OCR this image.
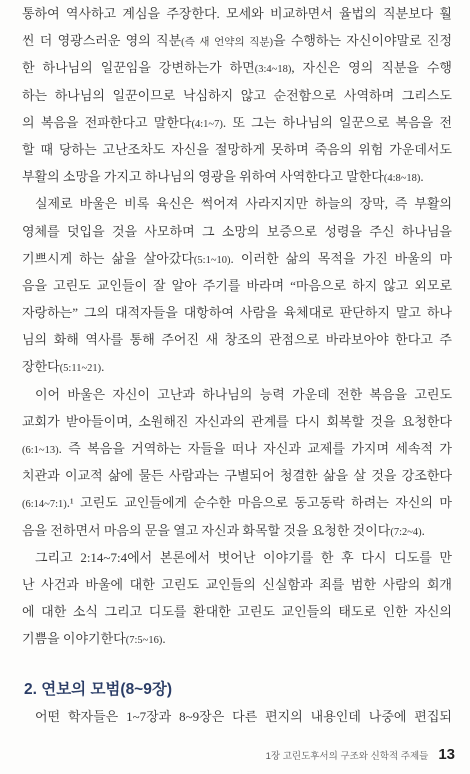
통하여 역사하고 계심을 주장한다. 모세와 비교하면서 율법의 직분보다 훨
씬 더 영광스러운 영의 직분(즉 새 언약의 직분)을 수행하는 자신이야말로 진정
한 하나님의 일꾼임을 강변하는가 하면(3:4~18), 자신은 영의 직분을 수행
하는 하나님의 일꾼이므로 낙심하지 않고 순전함으로 사역하며 그리스도
의 복음을 전파한다고 말한다(4:1~7). 또 그는 하나님의 일꾼으로 복음을 전
할 때 당하는 고난조차도 자신을 절망하게 못하며 죽음의 위험 가운데서도
부활의 소망을 가지고 하나님의 영광을 위하여 사역한다고 말한다(4:8~18).
실제로 바울은 비록 육신은 썩어져 사라지지만 하늘의 장막, 즉 부활의
영체를 덧입을 것을 사모하며 그 소망의 보증으로 성령을 주신 하나님을
기쁘시게 하는 삶을 살아갔다(5:1~10). 이러한 삶의 목적을 가진 바울의 마
음을 고린도 교인들이 잘 알아 주기를 바라며 “마음으로 하지 않고 외모로
자랑하는” 그의 대적자들을 대항하여 사람을 육체대로 판단하지 말고 하나
님의 화해 역사를 통해 주어진 새 창조의 관점으로 바라보아야 한다고 주
장한다(5:11~21).
이어 바울은 자신이 고난과 하나님의 능력 가운데 전한 복음을 고린도
교회가 받아들이며, 소원해진 자신과의 관계를 다시 회복할 것을 요청한다
(6:1~13). 즉 복음을 거역하는 자들을 떠나 자신과 교제를 가지며 세속적 가
치관과 이교적 삶에 물든 사람과는 구별되어 청결한 삶을 살 것을 강조한다
(6:14~7:1).¹ 고린도 교인들에게 순수한 마음으로 동고동락 하려는 자신의 마
음을 전하면서 마음의 문을 열고 자신과 화목할 것을 요청한 것이다(7:2~4).
그리고 2:14~7:4에서 본론에서 벗어난 이야기를 한 후 다시 디도를 만
난 사건과 바울에 대한 고린도 교인들의 신실함과 죄를 범한 사람의 회개
에 대한 소식 그리고 디도를 환대한 고린도 교인들의 태도로 인한 자신의
기쁨을 이야기한다(7:5~16).
2. 연보의 모범(8~9장)
어떤 학자들은 1~7장과 8~9장은 다른 편지의 내용인데 나중에 편집되
1장 고린도후서의 구조와 신학적 주제들 13
